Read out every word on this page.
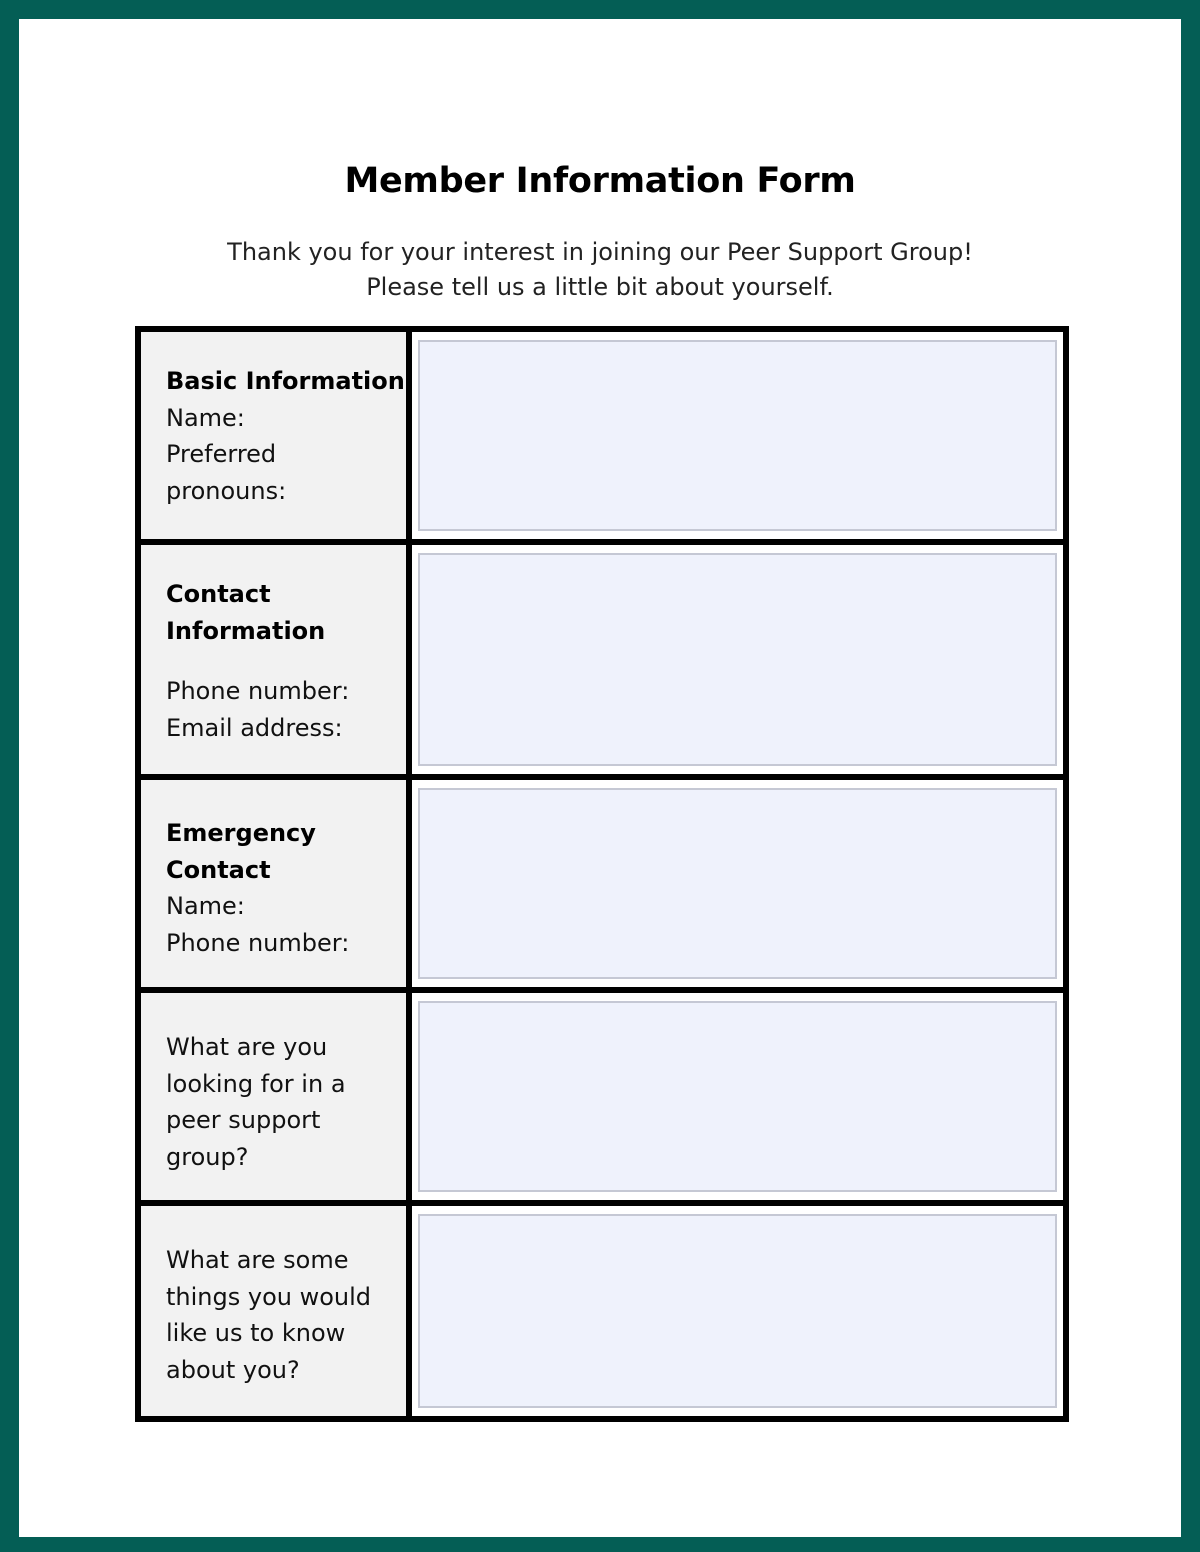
Member Information Form
Thank you for your interest in joining our Peer Support Group!
Please tell us a little bit about yourself.
Basic Information
Name:
Preferred
pronouns:
Contact
Information
Phone number:
Email address:
Emergency
Contact
Name:
Phone number:
What are you
looking for in a
peer support
group?
What are some
things you would
like us to know
about you?
